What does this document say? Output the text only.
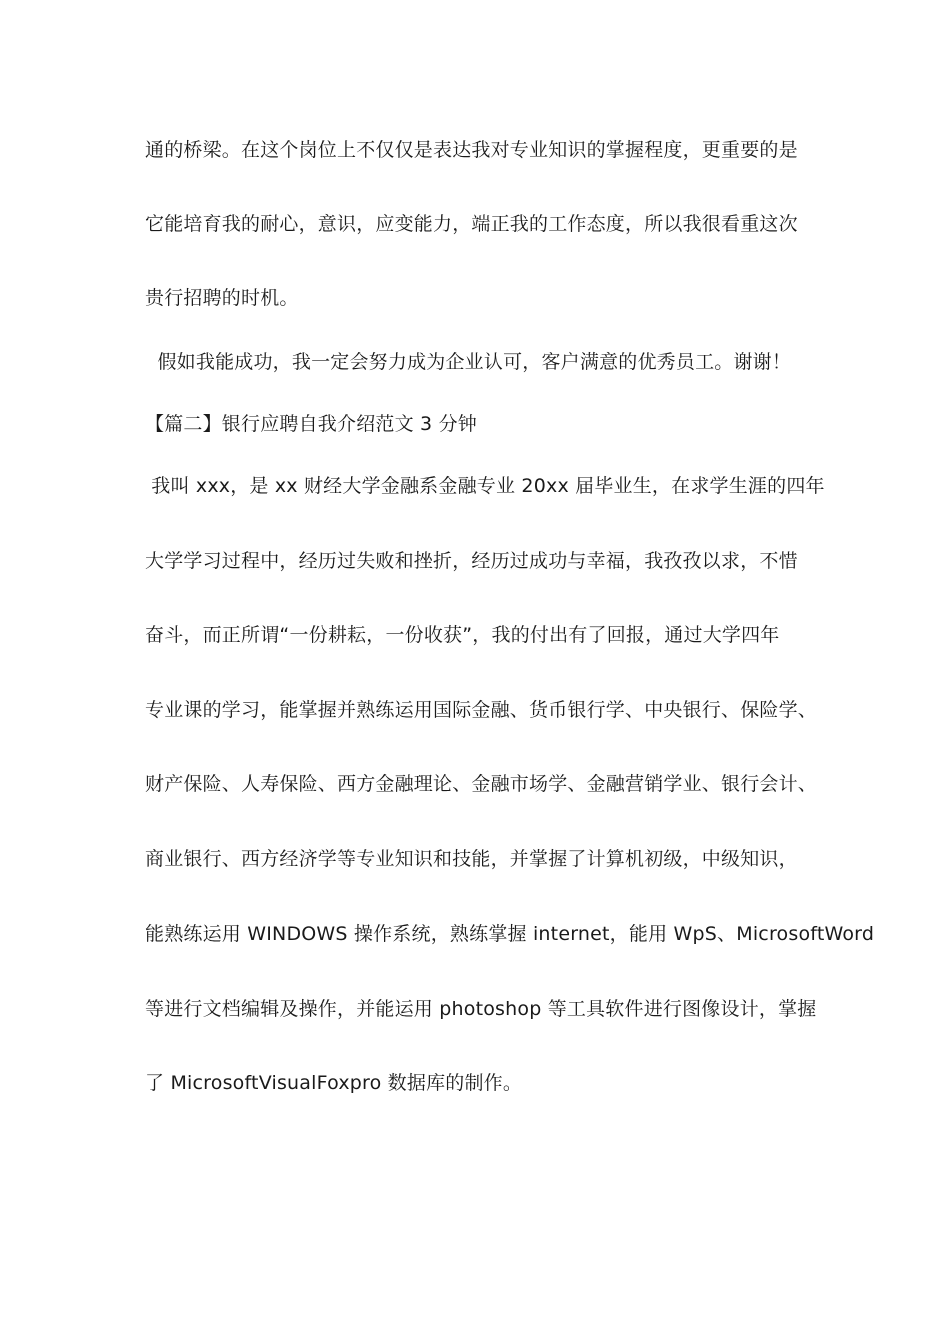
通的桥梁。在这个岗位上不仅仅是表达我对专业知识的掌握程度，更重要的是
它能培育我的耐心，意识，应变能力，端正我的工作态度，所以我很看重这次
贵行招聘的时机。
假如我能成功，我一定会努力成为企业认可，客户满意的优秀员工。谢谢！
【篇二】银行应聘自我介绍范文 3 分钟
我叫 xxx，是 xx 财经大学金融系金融专业 20xx 届毕业生，在求学生涯的四年
大学学习过程中，经历过失败和挫折，经历过成功与幸福，我孜孜以求，不惜
奋斗，而正所谓“一份耕耘，一份收获”，我的付出有了回报，通过大学四年
专业课的学习，能掌握并熟练运用国际金融、货币银行学、中央银行、保险学、
财产保险、人寿保险、西方金融理论、金融市场学、金融营销学业、银行会计、
商业银行、西方经济学等专业知识和技能，并掌握了计算机初级，中级知识，
能熟练运用 WINDOWS 操作系统，熟练掌握 internet，能用 WpS、MicrosoftWord
等进行文档编辑及操作，并能运用 photoshop 等工具软件进行图像设计，掌握
了 MicrosoftVisualFoxpro 数据库的制作。
